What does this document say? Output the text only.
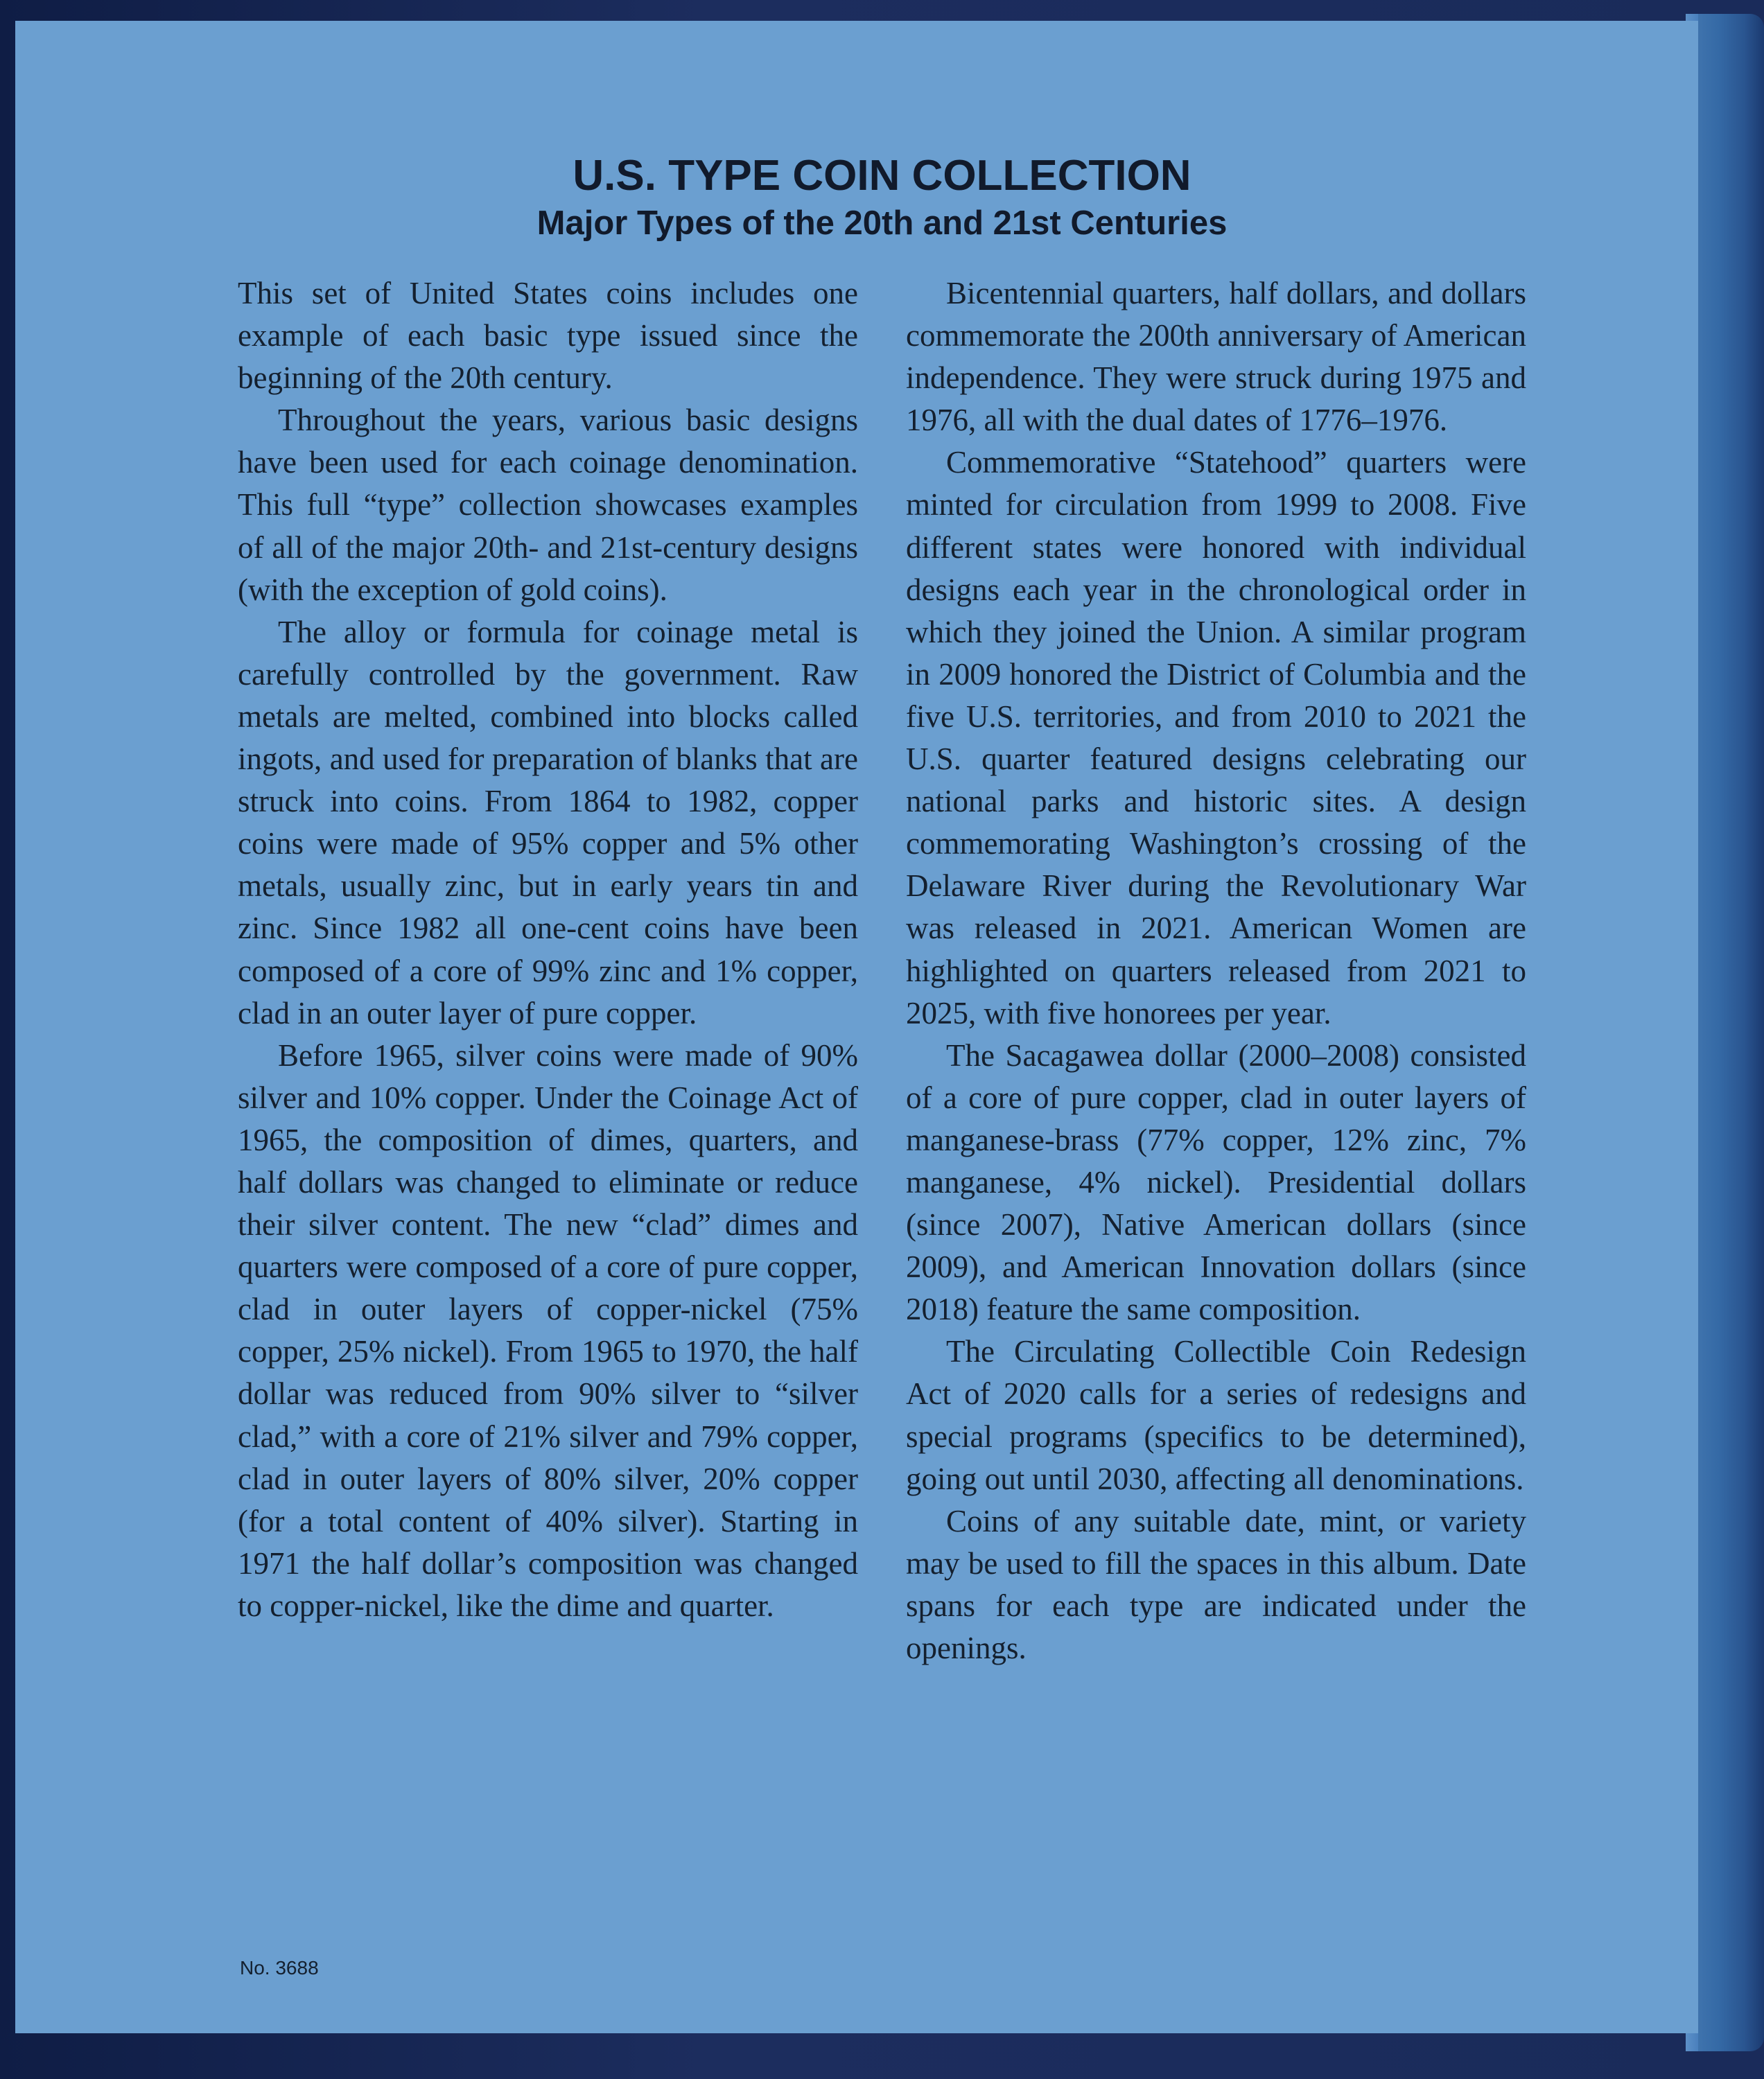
U.S. TYPE COIN COLLECTION
Major Types of the 20th and 21st Centuries

This set of United States coins includes one example of each basic type issued since the beginning of the 20th century.

Throughout the years, various basic designs have been used for each coinage denomination. This full “type” collection showcases examples of all of the major 20th- and 21st-century designs (with the exception of gold coins).

The alloy or formula for coinage metal is carefully controlled by the government. Raw metals are melted, combined into blocks called ingots, and used for preparation of blanks that are struck into coins. From 1864 to 1982, copper coins were made of 95% copper and 5% other metals, usually zinc, but in early years tin and zinc. Since 1982 all one-cent coins have been composed of a core of 99% zinc and 1% copper, clad in an outer layer of pure copper.

Before 1965, silver coins were made of 90% silver and 10% copper. Under the Coinage Act of 1965, the composition of dimes, quarters, and half dollars was changed to eliminate or reduce their silver content. The new “clad” dimes and quarters were composed of a core of pure copper, clad in outer layers of copper-nickel (75% copper, 25% nickel). From 1965 to 1970, the half dollar was reduced from 90% silver to “silver clad,” with a core of 21% silver and 79% copper, clad in outer layers of 80% silver, 20% copper (for a total content of 40% silver). Starting in 1971 the half dollar’s composition was changed to copper-nickel, like the dime and quarter.

Bicentennial quarters, half dollars, and dollars commemorate the 200th anniversary of American independence. They were struck during 1975 and 1976, all with the dual dates of 1776–1976.

Commemorative “Statehood” quarters were minted for circulation from 1999 to 2008. Five different states were honored with individual designs each year in the chronological order in which they joined the Union. A similar program in 2009 honored the District of Columbia and the five U.S. territories, and from 2010 to 2021 the U.S. quarter featured designs celebrating our national parks and historic sites. A design commemorating Washington’s crossing of the Delaware River during the Revolutionary War was released in 2021. American Women are highlighted on quarters released from 2021 to 2025, with five honorees per year.

The Sacagawea dollar (2000–2008) consisted of a core of pure copper, clad in outer layers of manganese-brass (77% copper, 12% zinc, 7% manganese, 4% nickel). Presidential dollars (since 2007), Native American dollars (since 2009), and American Innovation dollars (since 2018) feature the same composition.

The Circulating Collectible Coin Redesign Act of 2020 calls for a series of redesigns and special programs (specifics to be determined), going out until 2030, affecting all denominations.

Coins of any suitable date, mint, or variety may be used to fill the spaces in this album. Date spans for each type are indicated under the openings.

No. 3688
